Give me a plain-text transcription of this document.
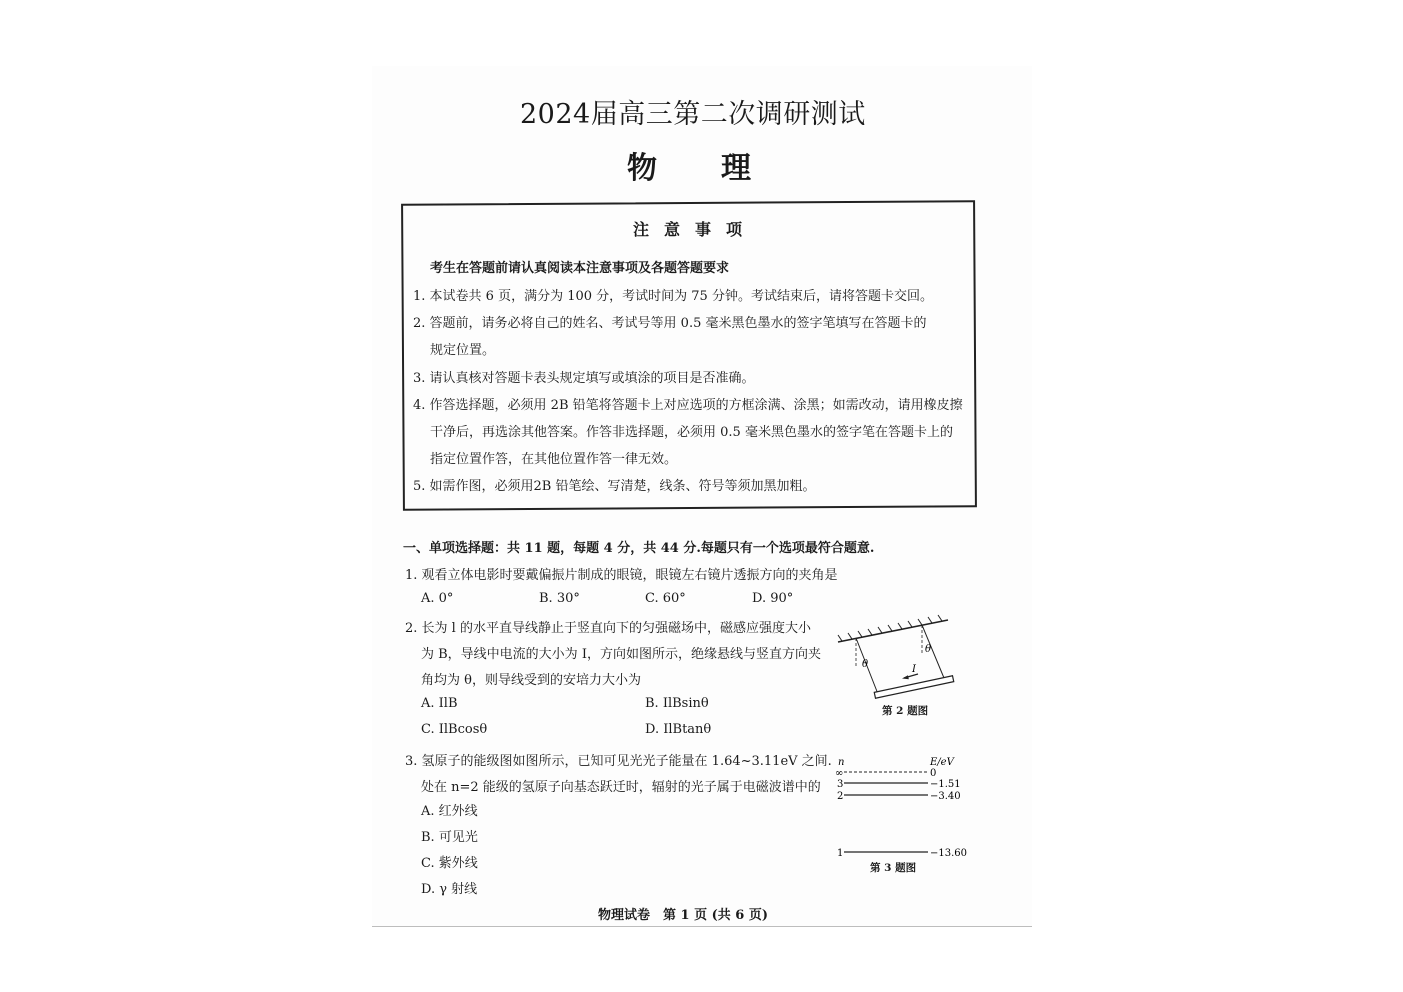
2024届高三第二次调研测试
物理
注意事项
考生在答题前请认真阅读本注意事项及各题答题要求
1. 本试卷共 6 页，满分为 100 分，考试时间为 75 分钟。考试结束后，请将答题卡交回。
2. 答题前，请务必将自己的姓名、考试号等用 0.5 毫米黑色墨水的签字笔填写在答题卡的
规定位置。
3. 请认真核对答题卡表头规定填写或填涂的项目是否准确。
4. 作答选择题，必须用 2B 铅笔将答题卡上对应选项的方框涂满、涂黑；如需改动，请用橡皮擦
干净后，再选涂其他答案。作答非选择题，必须用 0.5 毫米黑色墨水的签字笔在答题卡上的
指定位置作答，在其他位置作答一律无效。
5. 如需作图，必须用2B 铅笔绘、写清楚，线条、符号等须加黑加粗。
一、单项选择题：共 11 题，每题 4 分，共 44 分.每题只有一个选项最符合题意.
1. 观看立体电影时要戴偏振片制成的眼镜，眼镜左右镜片透振方向的夹角是
A. 0°	B. 30°	C. 60°	D. 90°
2. 长为 l 的水平直导线静止于竖直向下的匀强磁场中，磁感应强度大小
为 B，导线中电流的大小为 I，方向如图所示，绝缘悬线与竖直方向夹
角均为 θ，则导线受到的安培力大小为
A. IlB	B. IlBsinθ
C. IlBcosθ	D. IlBtanθ
θ
θ
I
第 2 题图
3. 氢原子的能级图如图所示，已知可见光光子能量在 1.64~3.11eV 之间.
处在 n=2 能级的氢原子向基态跃迁时，辐射的光子属于电磁波谱中的
A. 红外线
B. 可见光
C. 紫外线
D. γ 射线
n	E/eV
∞	0
3	−1.51
2	−3.40
1	−13.60
第 3 题图
物理试卷　第 1 页 (共 6 页)
